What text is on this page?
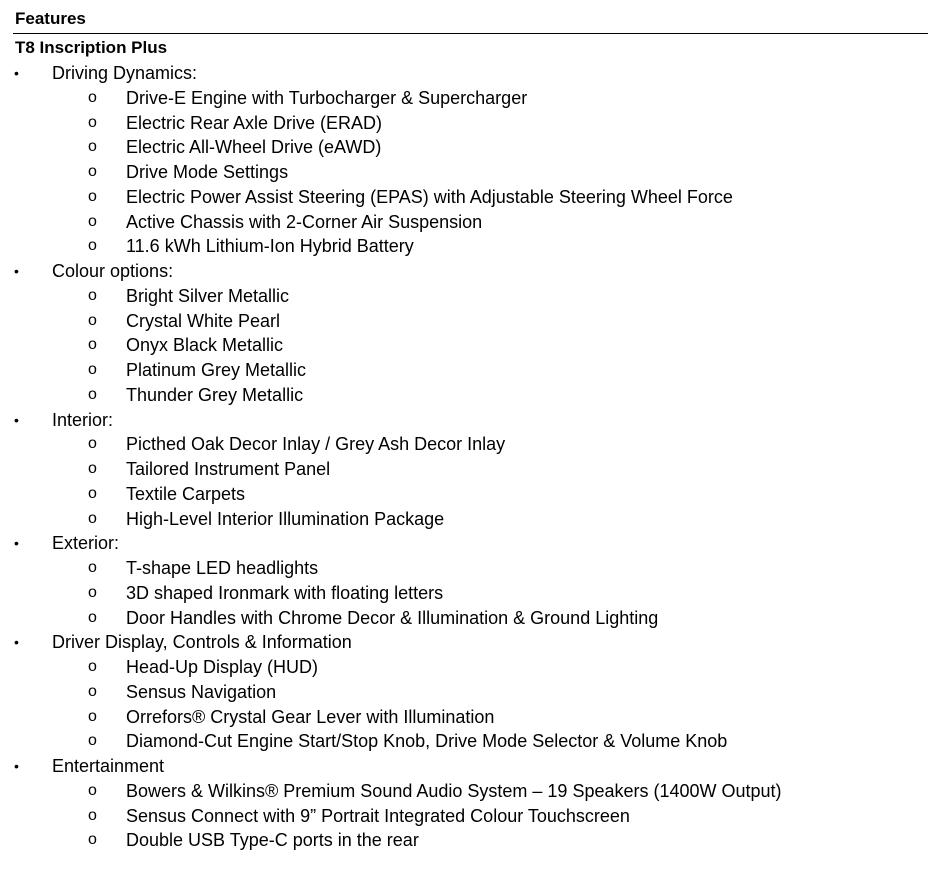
Features
T8 Inscription Plus
• Driving Dynamics:
o Drive-E Engine with Turbocharger & Supercharger
o Electric Rear Axle Drive (ERAD)
o Electric All-Wheel Drive (eAWD)
o Drive Mode Settings
o Electric Power Assist Steering (EPAS) with Adjustable Steering Wheel Force
o Active Chassis with 2-Corner Air Suspension
o 11.6 kWh Lithium-Ion Hybrid Battery
• Colour options:
o Bright Silver Metallic
o Crystal White Pearl
o Onyx Black Metallic
o Platinum Grey Metallic
o Thunder Grey Metallic
• Interior:
o Picthed Oak Decor Inlay / Grey Ash Decor Inlay
o Tailored Instrument Panel
o Textile Carpets
o High-Level Interior Illumination Package
• Exterior:
o T-shape LED headlights
o 3D shaped Ironmark with floating letters
o Door Handles with Chrome Decor & Illumination & Ground Lighting
• Driver Display, Controls & Information
o Head-Up Display (HUD)
o Sensus Navigation
o Orrefors® Crystal Gear Lever with Illumination
o Diamond-Cut Engine Start/Stop Knob, Drive Mode Selector & Volume Knob
• Entertainment
o Bowers & Wilkins® Premium Sound Audio System – 19 Speakers (1400W Output)
o Sensus Connect with 9” Portrait Integrated Colour Touchscreen
o Double USB Type-C ports in the rear
